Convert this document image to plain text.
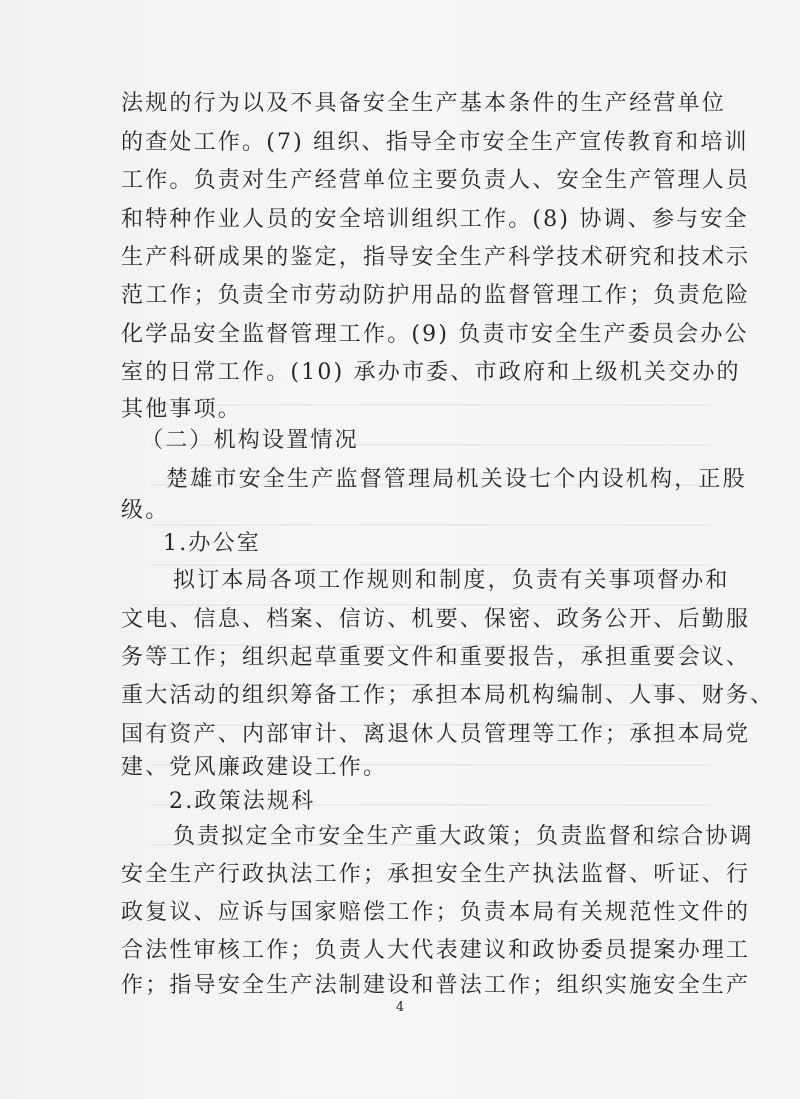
法规的行为以及不具备安全生产基本条件的生产经营单位
的查处工作。(7) 组织、指导全市安全生产宣传教育和培训
工作。负责对生产经营单位主要负责人、安全生产管理人员
和特种作业人员的安全培训组织工作。(8) 协调、参与安全
生产科研成果的鉴定，指导安全生产科学技术研究和技术示
范工作；负责全市劳动防护用品的监督管理工作；负责危险
化学品安全监督管理工作。(9) 负责市安全生产委员会办公
室的日常工作。(10) 承办市委、市政府和上级机关交办的
其他事项。
（二）机构设置情况
楚雄市安全生产监督管理局机关设七个内设机构，正股
级。
1.办公室
拟订本局各项工作规则和制度，负责有关事项督办和
文电、信息、档案、信访、机要、保密、政务公开、后勤服
务等工作；组织起草重要文件和重要报告，承担重要会议、
重大活动的组织筹备工作；承担本局机构编制、人事、财务、
国有资产、内部审计、离退休人员管理等工作；承担本局党
建、党风廉政建设工作。
2.政策法规科
负责拟定全市安全生产重大政策；负责监督和综合协调
安全生产行政执法工作；承担安全生产执法监督、听证、行
政复议、应诉与国家赔偿工作；负责本局有关规范性文件的
合法性审核工作；负责人大代表建议和政协委员提案办理工
作；指导安全生产法制建设和普法工作；组织实施安全生产
4
